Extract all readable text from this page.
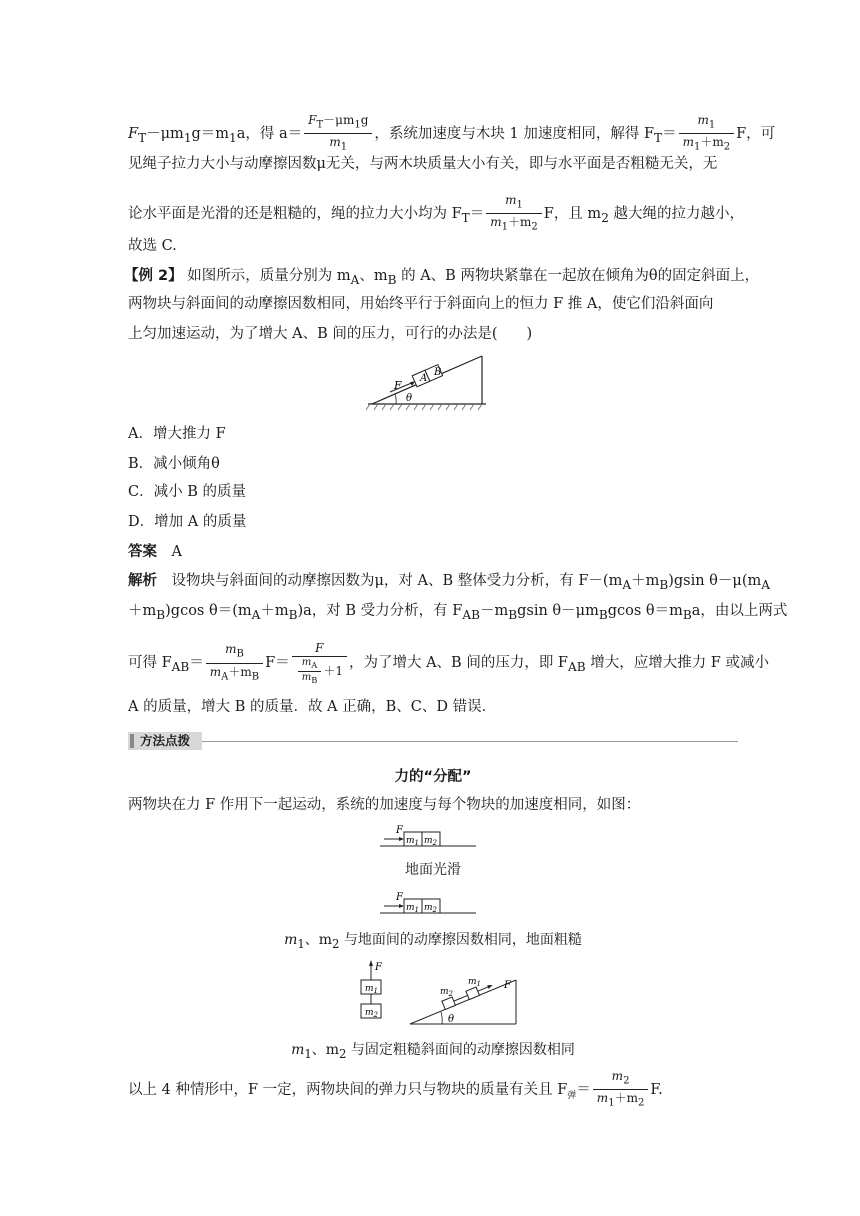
$F_T-\mu m_1g=m_1a$，得 $a= \frac{F_T-\mu m_1g}{m_1}$ ，系统加速度与木块 1 加速度相同，解得 $F_T= \frac{m_1}{m_1+m_2}$ F，可
见绳子拉力大小与动摩擦因数μ无关，与两木块质量大小有关，即与水平面是否粗糙无关，无
论水平面是光滑的还是粗糙的，绳的拉力大小均为 $F_T= \frac{m_1}{m_1+m_2}$ F，且 $m_2$ 越大绳的拉力越小，
故选 C.
【例 2】 如图所示，质量分别为 $m_A$、$m_B$ 的 A、B 两物块紧靠在一起放在倾角为θ的固定斜面上，
两物块与斜面间的动摩擦因数相同，用始终平行于斜面向上的恒力 F 推 A，使它们沿斜面向
上匀加速运动，为了增大 A、B 间的压力，可行的办法是(　　)
F
A
B
θ
A．增大推力 F
B．减小倾角θ
C．减小 B 的质量
D．增加 A 的质量
答案　 A
解析　 设物块与斜面间的动摩擦因数为μ，对 A、B 整体受力分析，有 $F-(m_A+m_B)gsin$ $\theta-\mu(m_A$
$+m_B)gcos$ $\theta=(m_A+m_B)a$，对 B 受力分析，有 $F_{AB}-m_Bgsin$ $\theta-\mu m_Bgcos$ $\theta=m_Ba$，由以上两式
可得 $F_{AB}= \frac{m_B}{m_A+m_B} F= \frac{F}{\frac{m_A}{m_B} +1}$ ，为了增大 A、B 间的压力，即 $F_{AB}$ 增大，应增大推力 F 或减小
A 的质量，增大 B 的质量．故 A 正确，B、C、D 错误．
方法点拨
力的“分配”
两物块在力 F 作用下一起运动，系统的加速度与每个物块的加速度相同，如图：
F
$m_1$ $m_2$
地面光滑
F
$m_1$ $m_2$
$m_1$、$m_2$ 与地面间的动摩擦因数相同，地面粗糙
F
$m_1$
$m_2$
$m_2$
$m_1$ F
θ
$m_1$、$m_2$ 与固定粗糙斜面间的动摩擦因数相同
以上 4 种情形中，F 一定，两物块间的弹力只与物块的质量有关且 $F_弹= \frac{m_2}{m_1+m_2} F$.
